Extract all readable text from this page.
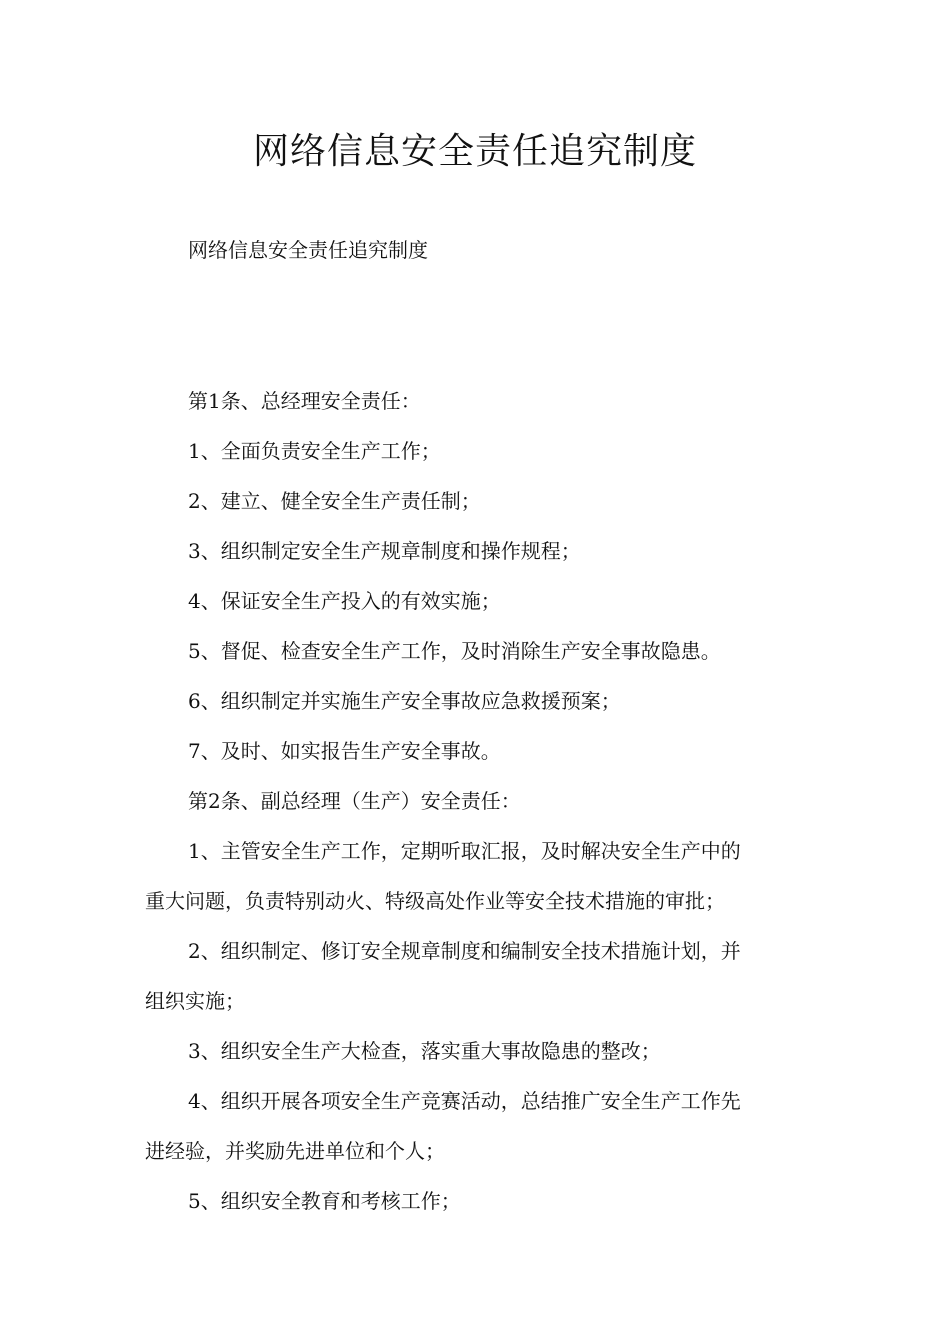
网络信息安全责任追究制度

网络信息安全责任追究制度

第1条、总经理安全责任：

1、全面负责安全生产工作；

2、建立、健全安全生产责任制；

3、组织制定安全生产规章制度和操作规程；

4、保证安全生产投入的有效实施；

5、督促、检查安全生产工作，及时消除生产安全事故隐患。

6、组织制定并实施生产安全事故应急救援预案；

7、及时、如实报告生产安全事故。

第2条、副总经理（生产）安全责任：

1、主管安全生产工作，定期听取汇报，及时解决安全生产中的

重大问题，负责特别动火、特级高处作业等安全技术措施的审批；

2、组织制定、修订安全规章制度和编制安全技术措施计划，并

组织实施；

3、组织安全生产大检查，落实重大事故隐患的整改；

4、组织开展各项安全生产竞赛活动，总结推广安全生产工作先

进经验，并奖励先进单位和个人；

5、组织安全教育和考核工作；
